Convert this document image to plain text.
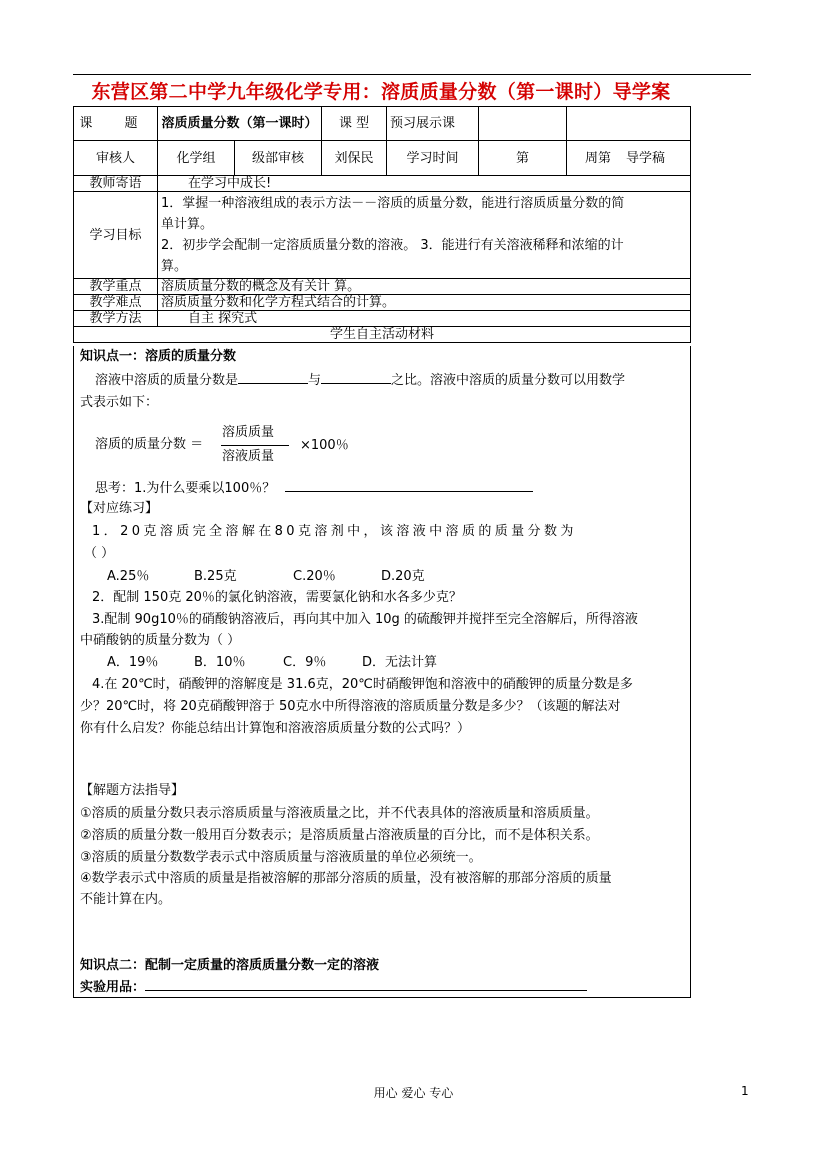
东营区第二中学九年级化学专用：溶质质量分数（第一课时）导学案
课 题	溶质质量分数（第一课时）		课 型	预习展示课		
审核人	化学组	级部审核	刘保民	学习时间	第	周第 导学稿
教师寄语	在学习中成长!					
学习目标	1．掌握一种溶液组成的表示方法－－溶质的质量分数，能进行溶质质量分数的简
单计算。
2．初步学会配制一定溶质质量分数的溶液。 3．能进行有关溶液稀释和浓缩的计
算。					

教学重点	溶质质量分数的概念及有关计 算。					
教学难点	溶质质量分数和化学方程式结合的计算。					
教学方法	自主 探究式					
学生自主活动材料						
知识点一：溶质的质量分数
溶液中溶质的质量分数是	与	之比。溶液中溶质的质量分数可以用数学
式表示如下：
溶质的质量分数 ＝
溶质质量
溶液质量
×100％
思考：1.为什么要乘以100％？
【对应练习】
1．20克溶质完全溶解在80克溶剂中，该溶液中溶质的质量分数为
（ ）
A.25％	B.25克	C.20％	D.20克
2．配制 150克 20％的氯化钠溶液，需要氯化钠和水各多少克？
3.配制 90g10％的硝酸钠溶液后，再向其中加入 10g 的硫酸钾并搅拌至完全溶解后，所得溶液
中硝酸钠的质量分数为（ ）
A．19％	B．10％	C．9％	D．无法计算
4.在 20℃时，硝酸钾的溶解度是 31.6克，20℃时硝酸钾饱和溶液中的硝酸钾的质量分数是多
少？20℃时，将 20克硝酸钾溶于 50克水中所得溶液的溶质质量分数是多少？（该题的解法对
你有什么启发？你能总结出计算饱和溶液溶质质量分数的公式吗？）
【解题方法指导】
①溶质的质量分数只表示溶质质量与溶液质量之比，并不代表具体的溶液质量和溶质质量。
②溶质的质量分数一般用百分数表示；是溶质质量占溶液质量的百分比，而不是体积关系。
③溶质的质量分数数学表示式中溶质质量与溶液质量的单位必须统一。
④数学表示式中溶质的质量是指被溶解的那部分溶质的质量，没有被溶解的那部分溶质的质量
不能计算在内。
知识点二：配制一定质量的溶质质量分数一定的溶液
实验用品：
用心 爱心 专心	1
